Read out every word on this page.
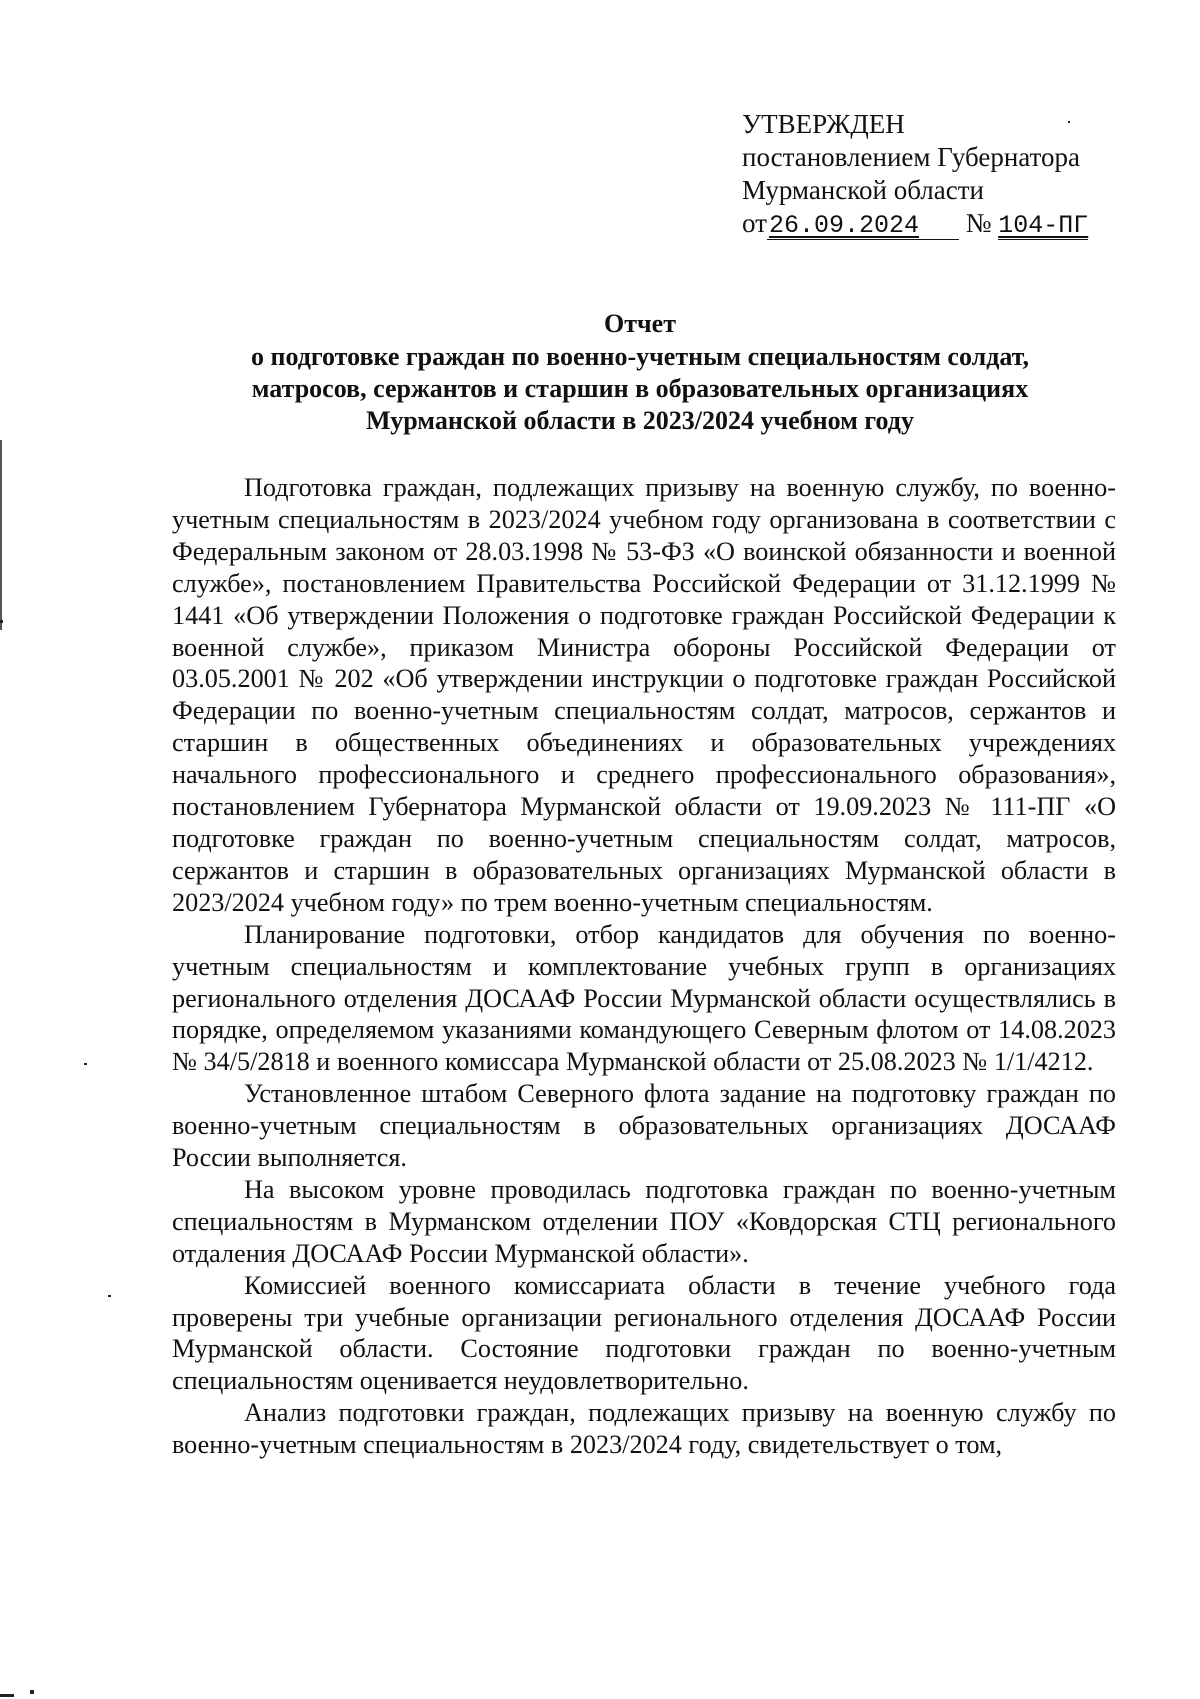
УТВЕРЖДЕН
постановлением Губернатора
Мурманской области
от26.09.2024 № 104-ПГ
Отчет
о подготовке граждан по военно-учетным специальностям солдат,
матросов, сержантов и старшин в образовательных организациях
Мурманской области в 2023/2024 учебном году

Подготовка граждан, подлежащих призыву на военную службу, по военно-учетным специальностям в 2023/2024 учебном году организована в соответствии с Федеральным законом от 28.03.1998 № 53-ФЗ «О воинской обязанности и военной службе», постановлением Правительства Российской Федерации от 31.12.1999 № 1441 «Об утверждении Положения о подготовке граждан Российской Федерации к военной службе», приказом Министра обороны Российской Федерации от 03.05.2001 № 202 «Об утверждении инструкции о подготовке граждан Российской Федерации по военно-учетным специальностям солдат, матросов, сержантов и старшин в общественных объединениях и образовательных учреждениях начального профессионального и среднего профессионального образования», постановлением Губернатора Мурманской области от 19.09.2023 № 111-ПГ «О подготовке граждан по военно-учетным специальностям солдат, матросов, сержантов и старшин в образовательных организациях Мурманской области в 2023/2024 учебном году» по трем военно-учетным специальностям.

Планирование подготовки, отбор кандидатов для обучения по военно-учетным специальностям и комплектование учебных групп в организациях регионального отделения ДОСААФ России Мурманской области осуществлялись в порядке, определяемом указаниями командующего Северным флотом от 14.08.2023 № 34/5/2818 и военного комиссара Мурманской области от 25.08.2023 № 1/1/4212.

Установленное штабом Северного флота задание на подготовку граждан по военно-учетным специальностям в образовательных организациях ДОСААФ России выполняется.

На высоком уровне проводилась подготовка граждан по военно-учетным специальностям в Мурманском отделении ПОУ «Ковдорская СТЦ регионального отдаления ДОСААФ России Мурманской области».

Комиссией военного комиссариата области в течение учебного года проверены три учебные организации регионального отделения ДОСААФ России Мурманской области. Состояние подготовки граждан по военно-учетным специальностям оценивается неудовлетворительно.

Анализ подготовки граждан, подлежащих призыву на военную службу по военно-учетным специальностям в 2023/2024 году, свидетельствует о том,
